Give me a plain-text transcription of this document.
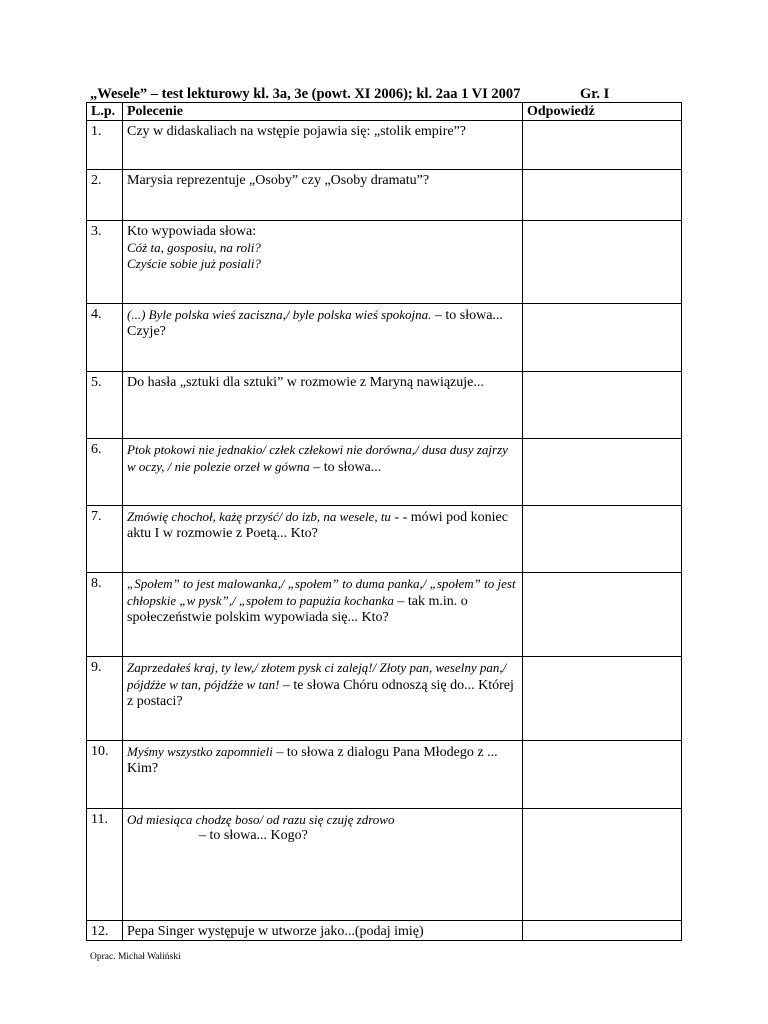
„Wesele” – test lekturowy kl. 3a, 3e (powt. XI 2006); kl. 2aa 1 VI 2007	Gr. I
L.p.	Polecenie	Odpowiedź
1.	Czy w didaskaliach na wstępie pojawia się: „stolik empire”?	
2.	Marysia reprezentuje „Osoby” czy „Osoby dramatu”?	
3.	Kto wypowiada słowa:
Cóż ta, gosposiu, na roli?
Czyście sobie już posiali?	

4.	(...) Byle polska wieś zaciszna,/ byle polska wieś spokojna. – to słowa... Czyje?	
5.	Do hasła „sztuki dla sztuki” w rozmowie z Maryną nawiązuje...	
6.	Ptok ptokowi nie jednakio/ człek człekowi nie dorówna,/ dusa dusy zajrzy w oczy, / nie polezie orzeł w gówna – to słowa...	
7.	Zmówię chochoł, każę przyść/ do izb, na wesele, tu - - mówi pod koniec aktu I w rozmowie z Poetą... Kto?	
8.	„Społem” to jest malowanka,/ „społem” to duma panka,/ „społem” to jest chłopskie „w pysk”,/ „społem to papużia kochanka – tak m.in. o społeczeństwie polskim wypowiada się... Kto?	
9.	Zaprzedałeś kraj, ty lew,/ złotem pysk ci zaleją!/ Złoty pan, weselny pan,/ pójdźże w tan, pójdźże w tan! – te słowa Chóru odnoszą się do... Której z postaci?	
10.	Myśmy wszystko zapomnieli – to słowa z dialogu Pana Młodego z ... Kim?	
11.	Od miesiąca chodzę boso/ od razu się czuję zdrowo
– to słowa... Kogo?	

12.	Pepa Singer występuje w utworze jako...(podaj imię)	
Oprac. Michał Waliński
